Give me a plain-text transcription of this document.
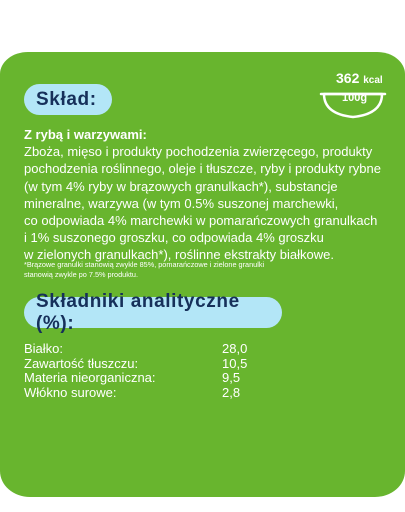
Skład:
362 kcal
100g
Z rybą i warzywami:
Zboża, mięso i produkty pochodzenia zwierzęcego, produkty
pochodzenia roślinnego, oleje i tłuszcze, ryby i produkty rybne
(w tym 4% ryby w brązowych granulkach*), substancje
mineralne, warzywa (w tym 0.5% suszonej marchewki,
co odpowiada 4% marchewki w pomarańczowych granulkach
i 1% suszonego groszku, co odpowiada 4% groszku
w zielonych granulkach*), roślinne ekstrakty białkowe.
*Brązowe granulki stanowią zwykle 85%, pomarańczowe i zielone granulki
stanowią zwykle po 7.5% produktu.
Składniki analityczne (%):
Białko:	28,0
Zawartość tłuszczu:	10,5
Materia nieorganiczna:	9,5
Włókno surowe:	2,8
